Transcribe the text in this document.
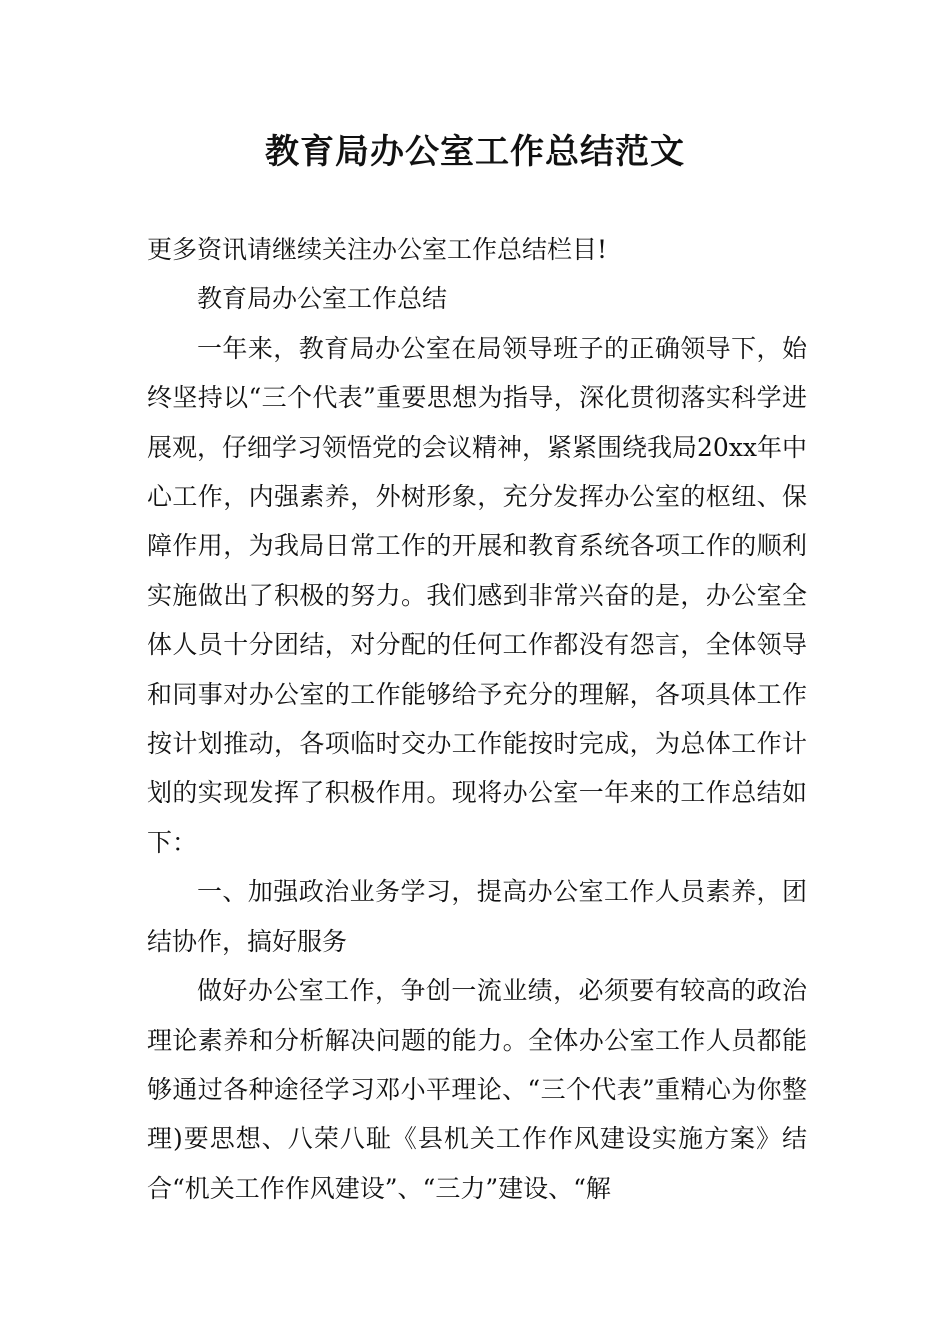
教育局办公室工作总结范文

更多资讯请继续关注办公室工作总结栏目!

教育局办公室工作总结

一年来，教育局办公室在局领导班子的正确领导下，始终坚持以“三个代表”重要思想为指导，深化贯彻落实科学进展观，仔细学习领悟党的会议精神，紧紧围绕我局20xx年中心工作，内强素养，外树形象，充分发挥办公室的枢纽、保障作用，为我局日常工作的开展和教育系统各项工作的顺利实施做出了积极的努力。我们感到非常兴奋的是，办公室全体人员十分团结，对分配的任何工作都没有怨言，全体领导和同事对办公室的工作能够给予充分的理解，各项具体工作按计划推动，各项临时交办工作能按时完成，为总体工作计划的实现发挥了积极作用。现将办公室一年来的工作总结如下：

一、加强政治业务学习，提高办公室工作人员素养，团结协作，搞好服务

做好办公室工作，争创一流业绩，必须要有较高的政治理论素养和分析解决问题的能力。全体办公室工作人员都能够通过各种途径学习邓小平理论、“三个代表”重精心为你整理)要思想、八荣八耻《县机关工作作风建设实施方案》结合“机关工作作风建设”、“三力”建设、“解
